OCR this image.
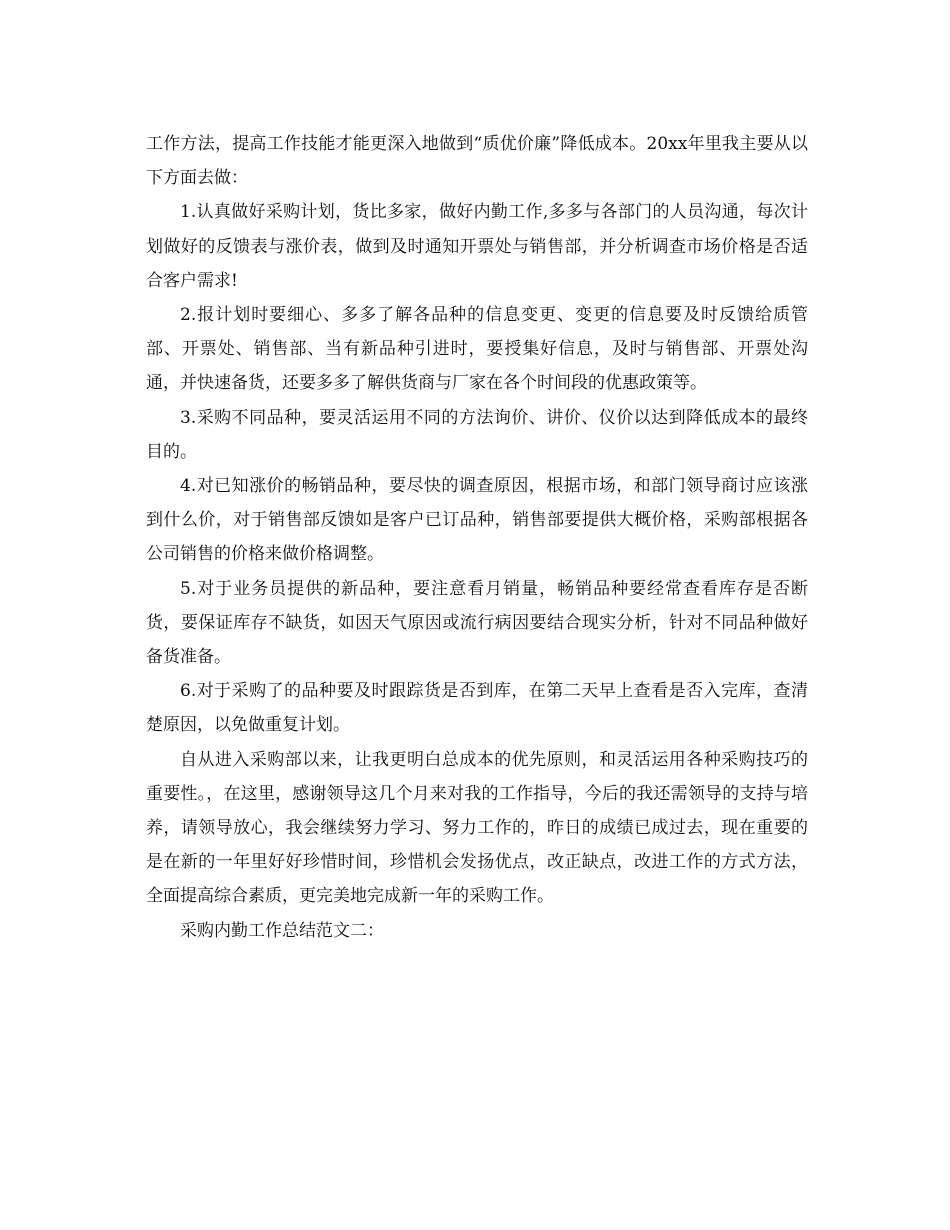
工作方法，提高工作技能才能更深入地做到“质优价廉”降低成本。20xx年里我主要从以下方面去做：

1.认真做好采购计划，货比多家，做好内勤工作,多多与各部门的人员沟通，每次计划做好的反馈表与涨价表，做到及时通知开票处与销售部，并分析调查市场价格是否适合客户需求!

2.报计划时要细心、多多了解各品种的信息变更、变更的信息要及时反馈给质管部、开票处、销售部、当有新品种引进时，要授集好信息，及时与销售部、开票处沟通，并快速备货，还要多多了解供货商与厂家在各个时间段的优惠政策等。

3.采购不同品种，要灵活运用不同的方法询价、讲价、仪价以达到降低成本的最终目的。

4.对已知涨价的畅销品种，要尽快的调查原因，根据市场，和部门领导商讨应该涨到什么价，对于销售部反馈如是客户已订品种，销售部要提供大概价格，采购部根据各公司销售的价格来做价格调整。

5.对于业务员提供的新品种，要注意看月销量，畅销品种要经常查看库存是否断货，要保证库存不缺货，如因天气原因或流行病因要结合现实分析，针对不同品种做好备货准备。

6.对于采购了的品种要及时跟踪货是否到库，在第二天早上查看是否入完库，查清楚原因，以免做重复计划。

自从进入采购部以来，让我更明白总成本的优先原则，和灵活运用各种采购技巧的重要性。，在这里，感谢领导这几个月来对我的工作指导，今后的我还需领导的支持与培养，请领导放心，我会继续努力学习、努力工作的，昨日的成绩已成过去，现在重要的是在新的一年里好好珍惜时间，珍惜机会发扬优点，改正缺点，改进工作的方式方法，全面提高综合素质，更完美地完成新一年的采购工作。

采购内勤工作总结范文二：
